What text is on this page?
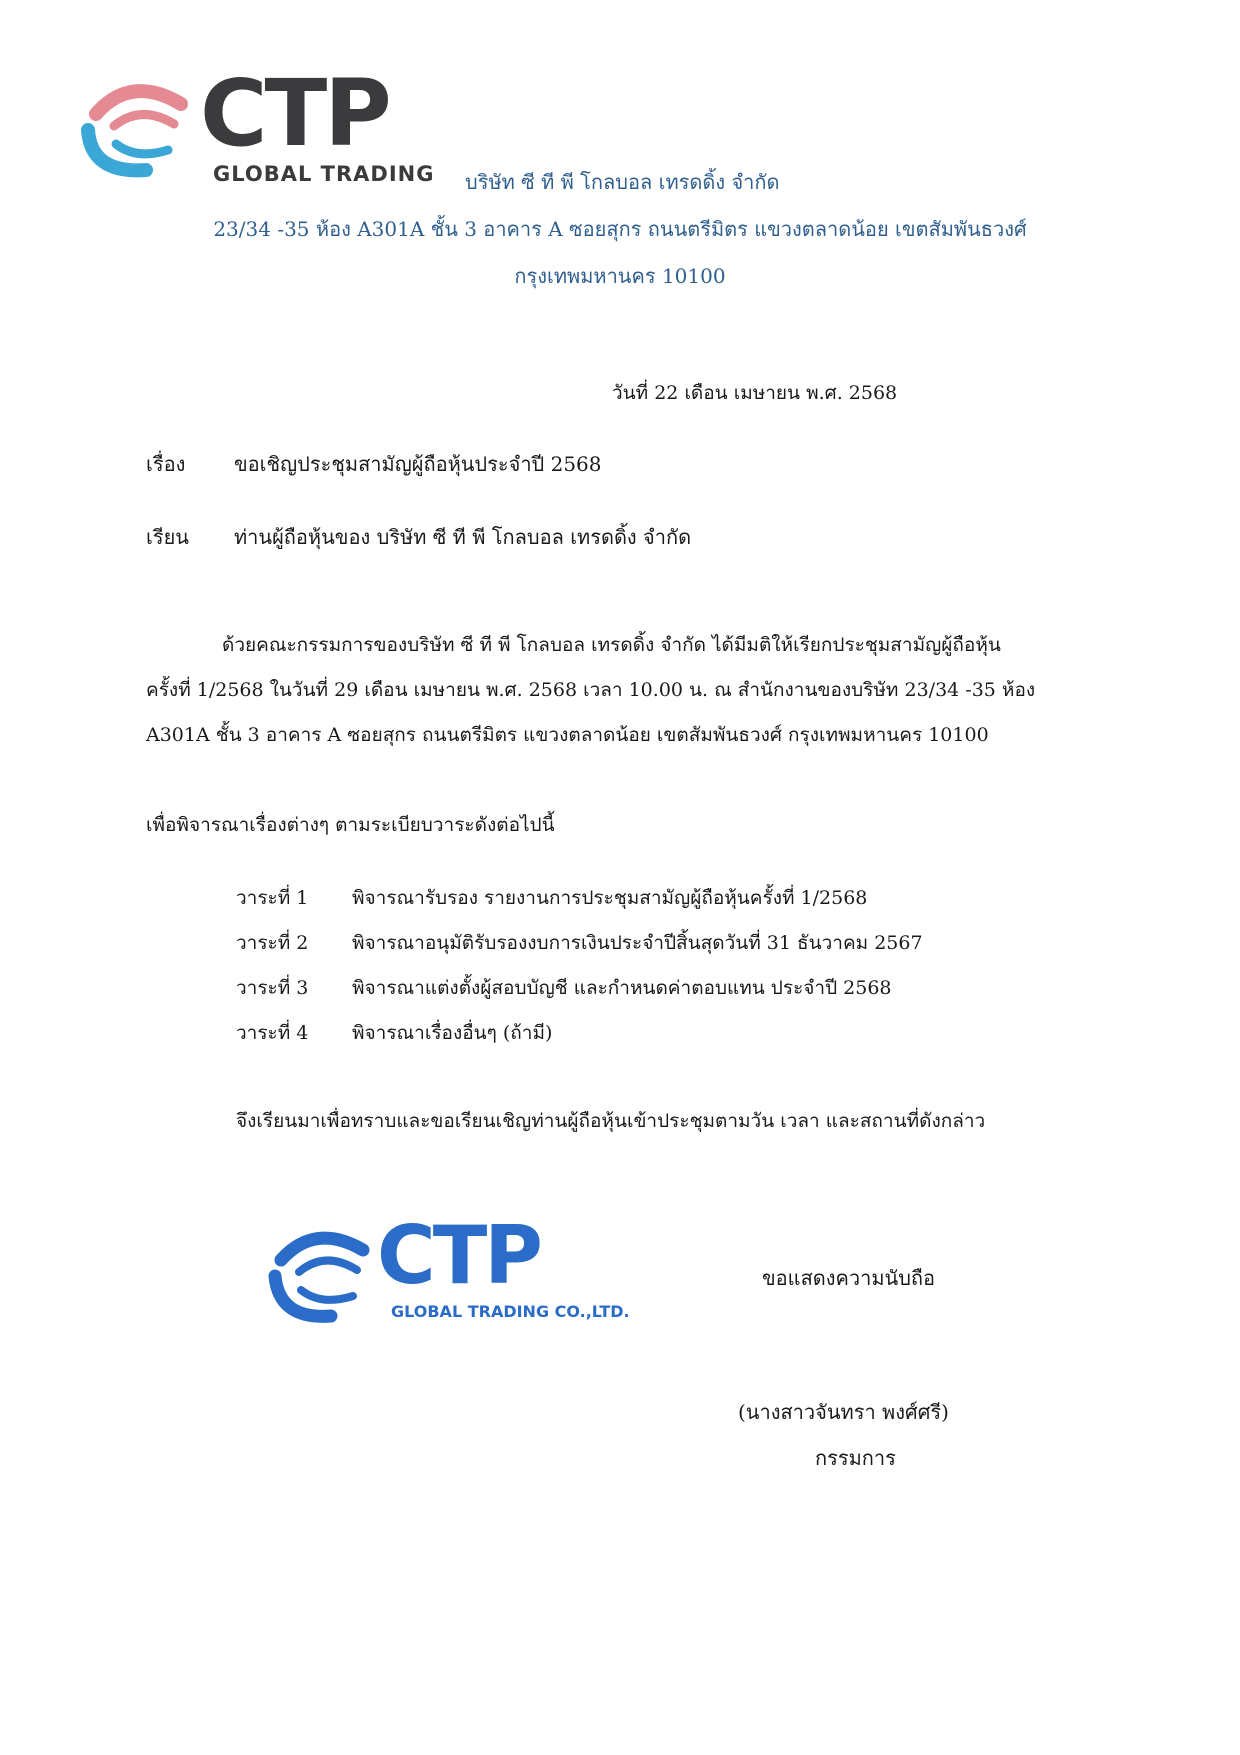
CTP
GLOBAL TRADING บริษัท ซี ที พี โกลบอล เทรดดิ้ง จำกัด
23/34 -35 ห้อง A301A ชั้น 3 อาคาร A ซอยสุกร ถนนตรีมิตร แขวงตลาดน้อย เขตสัมพันธวงศ์
กรุงเทพมหานคร 10100
วันที่ 22 เดือน เมษายน พ.ศ. 2568
เรื่อง ขอเชิญประชุมสามัญผู้ถือหุ้นประจำปี 2568
เรียน ท่านผู้ถือหุ้นของ บริษัท ซี ที พี โกลบอล เทรดดิ้ง จำกัด
ด้วยคณะกรรมการของบริษัท ซี ที พี โกลบอล เทรดดิ้ง จำกัด ได้มีมติให้เรียกประชุมสามัญผู้ถือหุ้น
ครั้งที่ 1/2568 ในวันที่ 29 เดือน เมษายน พ.ศ. 2568 เวลา 10.00 น. ณ สำนักงานของบริษัท 23/34 -35 ห้อง
A301A ชั้น 3 อาคาร A ซอยสุกร ถนนตรีมิตร แขวงตลาดน้อย เขตสัมพันธวงศ์ กรุงเทพมหานคร 10100
เพื่อพิจารณาเรื่องต่างๆ ตามระเบียบวาระดังต่อไปนี้
วาระที่ 1 พิจารณารับรอง รายงานการประชุมสามัญผู้ถือหุ้นครั้งที่ 1/2568
วาระที่ 2 พิจารณาอนุมัติรับรองงบการเงินประจำปีสิ้นสุดวันที่ 31 ธันวาคม 2567
วาระที่ 3 พิจารณาแต่งตั้งผู้สอบบัญชี และกำหนดค่าตอบแทน ประจำปี 2568
วาระที่ 4 พิจารณาเรื่องอื่นๆ (ถ้ามี)
จึงเรียนมาเพื่อทราบและขอเรียนเชิญท่านผู้ถือหุ้นเข้าประชุมตามวัน เวลา และสถานที่ดังกล่าว
CTP
GLOBAL TRADING CO.,LTD.
ขอแสดงความนับถือ
(นางสาวจันทรา พงศ์ศรี)
กรรมการ
